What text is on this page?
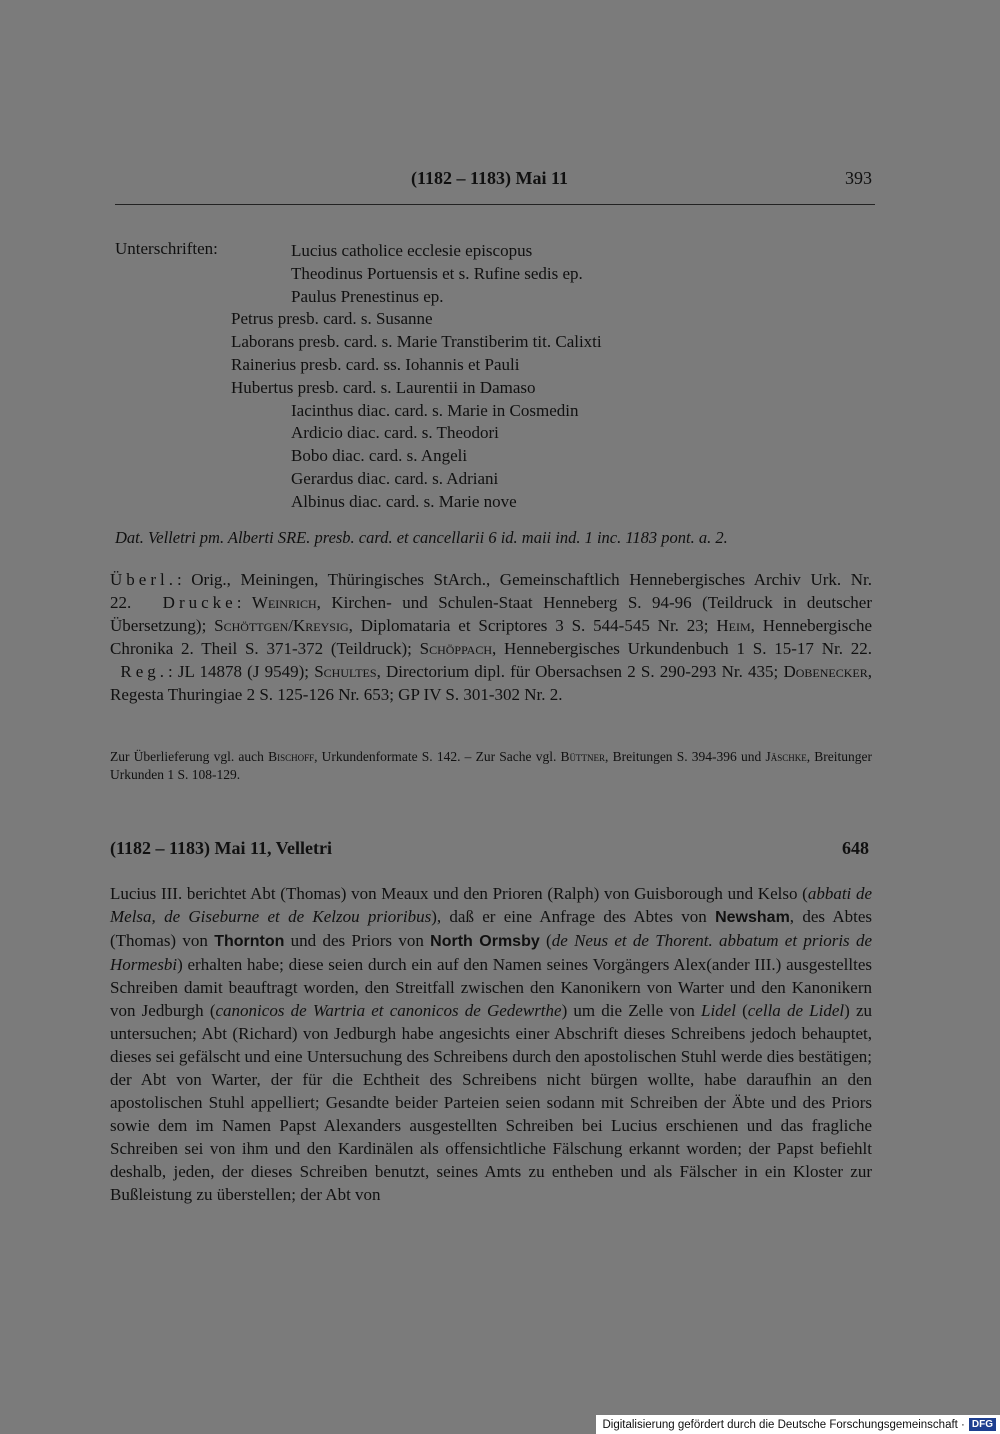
(1182 – 1183) Mai 11	393
Unterschriften:	Lucius catholice ecclesie episcopus
Theodinus Portuensis et s. Rufine sedis ep.
Paulus Prenestinus ep.
Petrus presb. card. s. Susanne
Laborans presb. card. s. Marie Transtiberim tit. Calixti
Rainerius presb. card. ss. Iohannis et Pauli
Hubertus presb. card. s. Laurentii in Damaso
Iacinthus diac. card. s. Marie in Cosmedin
Ardicio diac. card. s. Theodori
Bobo diac. card. s. Angeli
Gerardus diac. card. s. Adriani
Albinus diac. card. s. Marie nove
Dat. Velletri pm. Alberti SRE. presb. card. et cancellarii 6 id. maii ind. 1 inc. 1183 pont. a. 2.
Überl.: Orig., Meiningen, Thüringisches StArch., Gemeinschaftlich Hennebergisches Archiv Urk. Nr. 22. Drucke: Weinrich, Kirchen- und Schulen-Staat Henneberg S. 94-96 (Teildruck in deutscher Übersetzung); Schöttgen/Kreysig, Diplomataria et Scriptores 3 S. 544-545 Nr. 23; Heim, Hennebergische Chronika 2. Theil S. 371-372 (Teildruck); Schöppach, Hennebergisches Urkundenbuch 1 S. 15-17 Nr. 22.   Reg.: JL 14878 (J 9549); Schultes, Directorium dipl. für Obersachsen 2 S. 290-293 Nr. 435; Dobenecker, Regesta Thuringiae 2 S. 125-126 Nr. 653; GP IV S. 301-302 Nr. 2.
Zur Überlieferung vgl. auch Bischoff, Urkundenformate S. 142. – Zur Sache vgl. Büttner, Breitungen S. 394-396 und Jäschke, Breitunger Urkunden 1 S. 108-129.
(1182 – 1183) Mai 11, Velletri	648
Lucius III. berichtet Abt (Thomas) von Meaux und den Prioren (Ralph) von Guisborough und Kelso (abbati de Melsa, de Giseburne et de Kelzou prioribus), daß er eine Anfrage des Abtes von Newsham, des Abtes (Thomas) von Thornton und des Priors von North Ormsby (de Neus et de Thorent. abbatum et prioris de Hormesbi) erhalten habe; diese seien durch ein auf den Namen seines Vorgängers Alex(ander III.) ausgestelltes Schreiben damit beauftragt worden, den Streitfall zwischen den Kanonikern von Warter und den Kanonikern von Jedburgh (canonicos de Wartria et canonicos de Gedewrthe) um die Zelle von Lidel (cella de Lidel) zu untersuchen; Abt (Richard) von Jedburgh habe angesichts einer Abschrift dieses Schreibens jedoch behauptet, dieses sei gefälscht und eine Untersuchung des Schreibens durch den apostolischen Stuhl werde dies bestätigen; der Abt von Warter, der für die Echtheit des Schreibens nicht bürgen wollte, habe daraufhin an den apostolischen Stuhl appelliert; Gesandte beider Parteien seien sodann mit Schreiben der Äbte und des Priors sowie dem im Namen Papst Alexanders ausgestellten Schreiben bei Lucius erschienen und das fragliche Schreiben sei von ihm und den Kardinälen als offensichtliche Fälschung erkannt worden; der Papst befiehlt deshalb, jeden, der dieses Schreiben benutzt, seines Amts zu entheben und als Fälscher in ein Kloster zur Bußleistung zu überstellen; der Abt von
Digitalisierung gefördert durch die Deutsche Forschungsgemeinschaft · DFG
